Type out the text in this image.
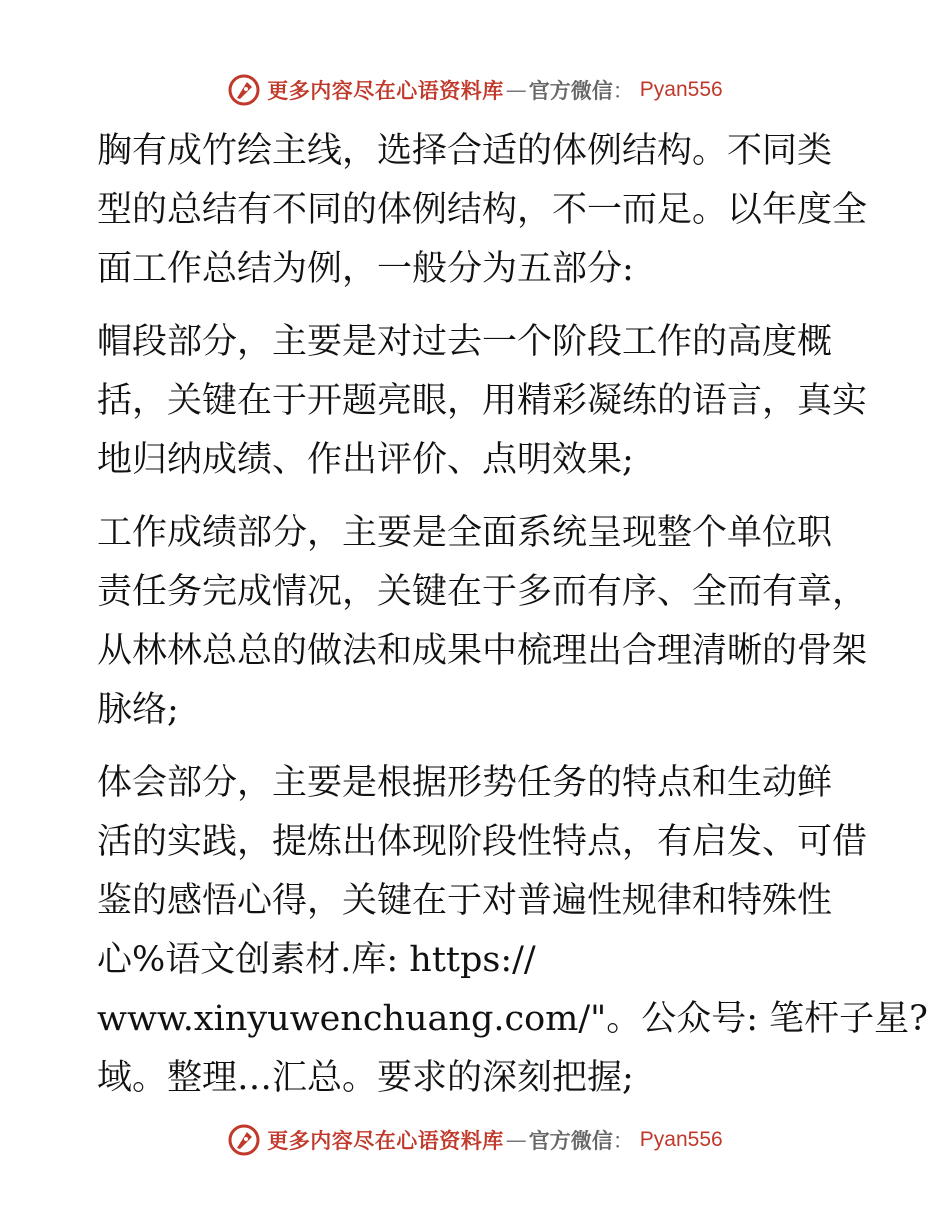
更多内容尽在心语资料库 — 官方微信 ： Pyan556
胸有成竹绘主线，选择合适的体例结构。不同类
型的总结有不同的体例结构，不一而足。以年度全
面工作总结为例，一般分为五部分:
帽段部分，主要是对过去一个阶段工作的高度概
括，关键在于开题亮眼，用精彩凝练的语言，真实
地归纳成绩、作出评价、点明效果;
工作成绩部分，主要是全面系统呈现整个单位职
责任务完成情况，关键在于多而有序、全而有章，
从林林总总的做法和成果中梳理出合理清晰的骨架
脉络;
体会部分，主要是根据形势任务的特点和生动鲜
活的实践，提炼出体现阶段性特点，有启发、可借
鉴的感悟心得，关键在于对普遍性规律和特殊性
心%语文创素材.库: https://
www.xinyuwenchuang.com/"。公众号: 笔杆子星?
域。整理…汇总。要求的深刻把握;
更多内容尽在心语资料库 — 官方微信 ： Pyan556
